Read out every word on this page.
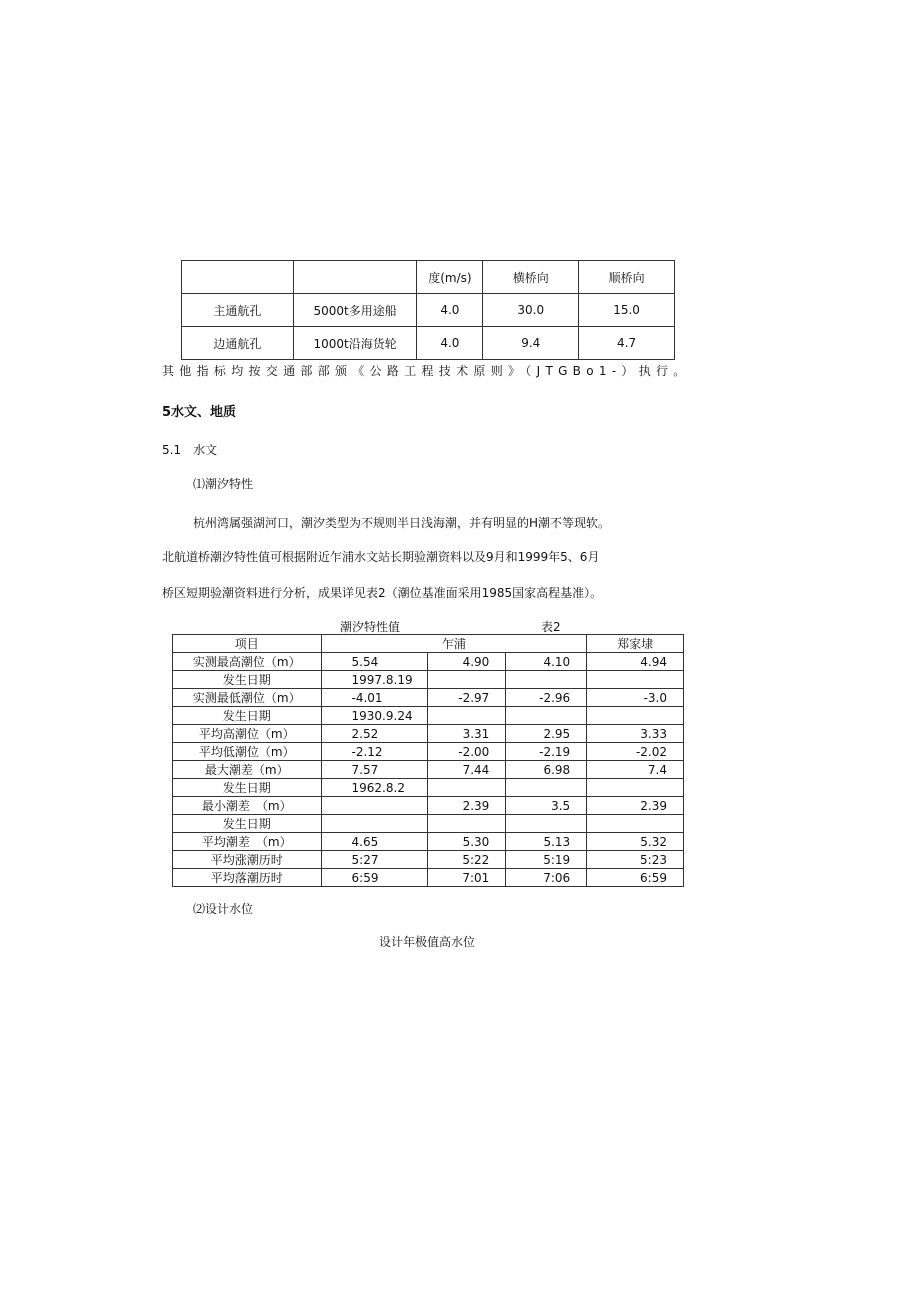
		度(m/s)	横桥向	顺桥向
主通航孔	5000t多用途船	4.0	30.0	15.0
边通航孔	1000t沿海货轮	4.0	9.4	4.7
其他指标均按交通部部颁《公路工程技术原则》（JTGBo1-）执行。
5水文、地质
5.1　水文
⑴潮汐特性
杭州湾属强湖河口，潮汐类型为不规则半日浅海潮，并有明显的H潮不等现软。
北航道桥潮汐特性值可根据附近乍浦水文站长期验潮资料以及9月和1999年5、6月
桥区短期验潮资料进行分析，成果详见表2（潮位基准面采用1985国家高程基准）。
潮汐特性值	表2
项目	乍浦			郑家埭
实测最高潮位（m）	5.54	4.90	4.10	4.94
发生日期	1997.8.19			
实测最低潮位（m）	-4.01	-2.97	-2.96	-3.0
发生日期	1930.9.24			
平均高潮位（m）	2.52	3.31	2.95	3.33
平均低潮位（m）	-2.12	-2.00	-2.19	-2.02
最大潮差（m）	7.57	7.44	6.98	7.4
发生日期	1962.8.2			
最小潮差　（m）		2.39	3.5	2.39
发生日期				
平均潮差　（m）	4.65	5.30	5.13	5.32
平均涨潮历时	5:27	5:22	5:19	5:23
平均落潮历时	6:59	7:01	7:06	6:59
⑵设计水位
设计年极值高水位
